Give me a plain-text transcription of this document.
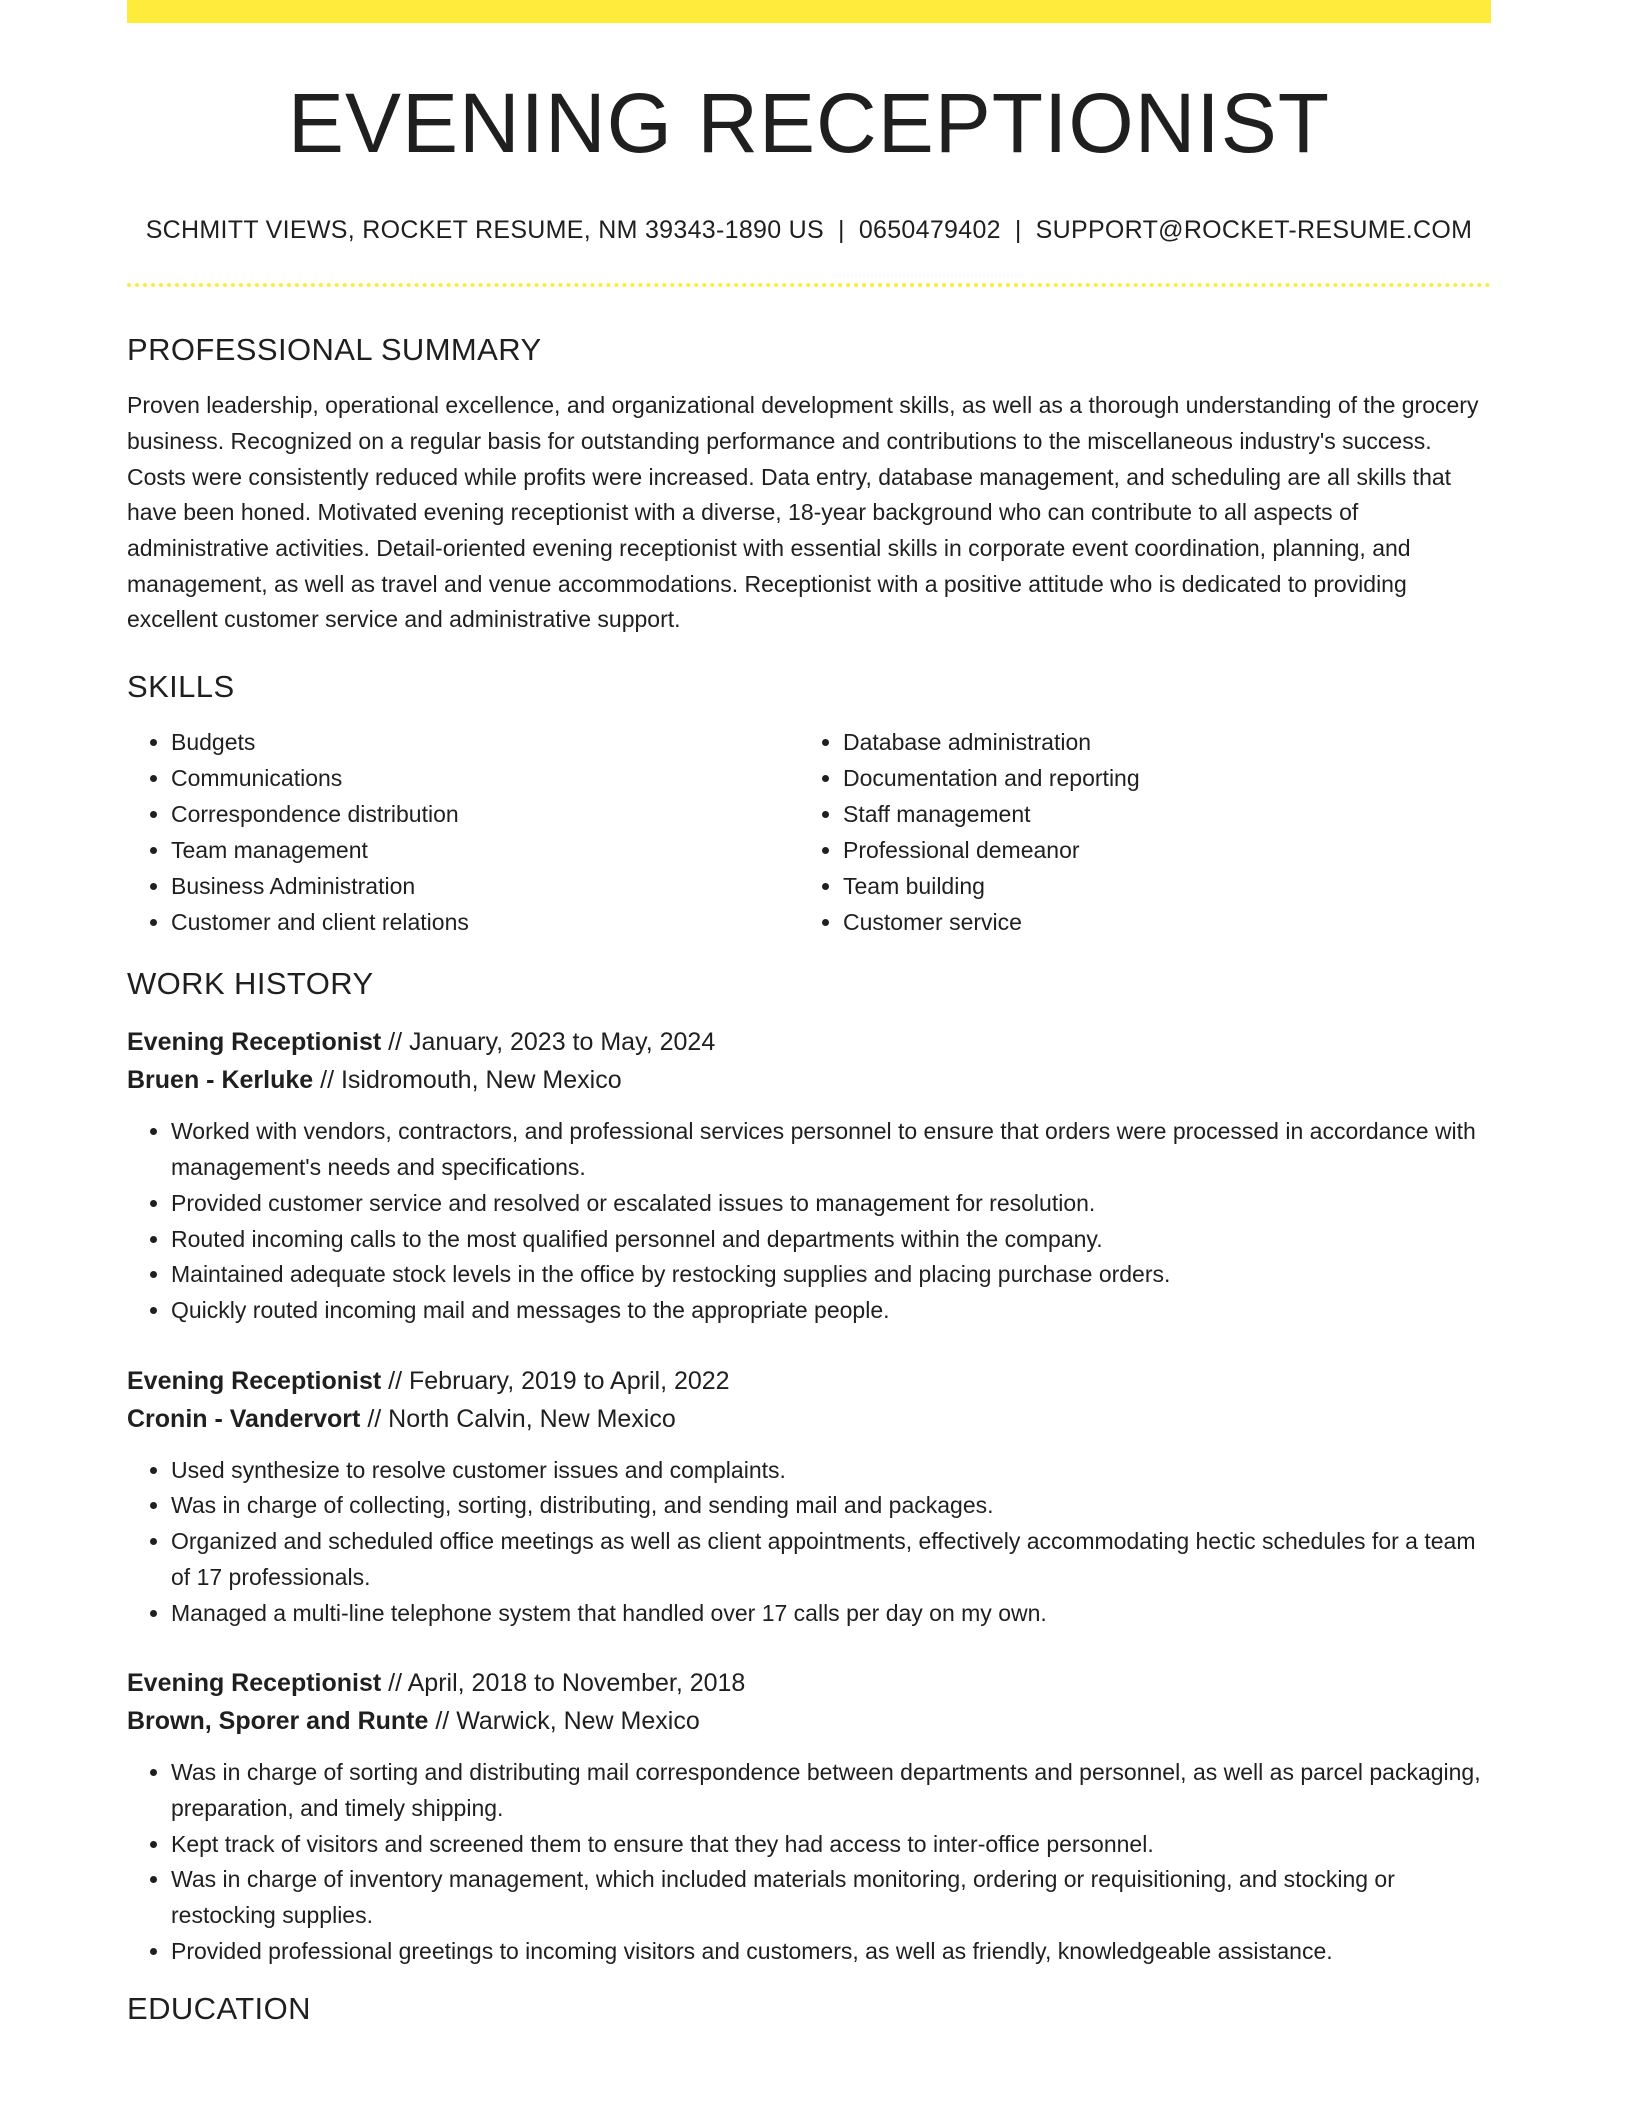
EVENING RECEPTIONIST
SCHMITT VIEWS, ROCKET RESUME, NM 39343-1890 US | 0650479402 | SUPPORT@ROCKET-RESUME.COM
PROFESSIONAL SUMMARY

Proven leadership, operational excellence, and organizational development skills, as well as a thorough understanding of the grocery business. Recognized on a regular basis for outstanding performance and contributions to the miscellaneous industry's success. Costs were consistently reduced while profits were increased. Data entry, database management, and scheduling are all skills that have been honed. Motivated evening receptionist with a diverse, 18-year background who can contribute to all aspects of administrative activities. Detail-oriented evening receptionist with essential skills in corporate event coordination, planning, and management, as well as travel and venue accommodations. Receptionist with a positive attitude who is dedicated to providing excellent customer service and administrative support.

SKILLS
• Budgets
• Communications
• Correspondence distribution
• Team management
• Business Administration
• Customer and client relations
• Database administration
• Documentation and reporting
• Staff management
• Professional demeanor
• Team building
• Customer service
WORK HISTORY
Evening Receptionist // January, 2023 to May, 2024
Bruen - Kerluke // Isidromouth, New Mexico
• Worked with vendors, contractors, and professional services personnel to ensure that orders were processed in accordance with management's needs and specifications.
• Provided customer service and resolved or escalated issues to management for resolution.
• Routed incoming calls to the most qualified personnel and departments within the company.
• Maintained adequate stock levels in the office by restocking supplies and placing purchase orders.
• Quickly routed incoming mail and messages to the appropriate people.
Evening Receptionist // February, 2019 to April, 2022
Cronin - Vandervort // North Calvin, New Mexico
• Used synthesize to resolve customer issues and complaints.
• Was in charge of collecting, sorting, distributing, and sending mail and packages.
• Organized and scheduled office meetings as well as client appointments, effectively accommodating hectic schedules for a team of 17 professionals.
• Managed a multi-line telephone system that handled over 17 calls per day on my own.
Evening Receptionist // April, 2018 to November, 2018
Brown, Sporer and Runte // Warwick, New Mexico
• Was in charge of sorting and distributing mail correspondence between departments and personnel, as well as parcel packaging, preparation, and timely shipping.
• Kept track of visitors and screened them to ensure that they had access to inter-office personnel.
• Was in charge of inventory management, which included materials monitoring, ordering or requisitioning, and stocking or restocking supplies.
• Provided professional greetings to incoming visitors and customers, as well as friendly, knowledgeable assistance.
EDUCATION
